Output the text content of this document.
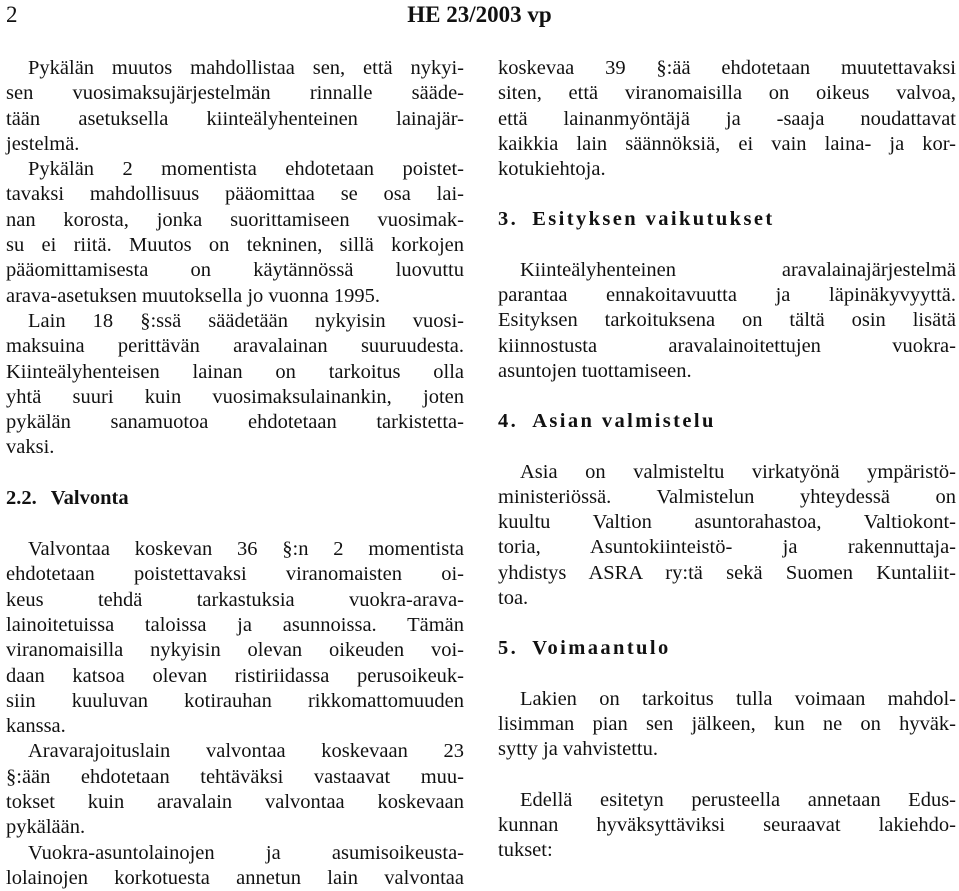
2	HE 23/2003 vp
Pykälän muutos mahdollistaa sen, että nykyi-
sen vuosimaksujärjestelmän rinnalle sääde-
tään asetuksella kiinteälyhenteinen lainajär-
jestelmä.
Pykälän 2 momentista ehdotetaan poistet-
tavaksi mahdollisuus pääomittaa se osa lai-
nan korosta, jonka suorittamiseen vuosimak-
su ei riitä. Muutos on tekninen, sillä korkojen
pääomittamisesta on käytännössä luovuttu
arava-asetuksen muutoksella jo vuonna 1995.
Lain 18 §:ssä säädetään nykyisin vuosi-
maksuina perittävän aravalainan suuruudesta.
Kiinteälyhenteisen lainan on tarkoitus olla
yhtä suuri kuin vuosimaksulainankin, joten
pykälän sanamuotoa ehdotetaan tarkistetta-
vaksi.
2.2. Valvonta
Valvontaa koskevan 36 §:n 2 momentista
ehdotetaan poistettavaksi viranomaisten oi-
keus tehdä tarkastuksia vuokra-arava-
lainoitetuissa taloissa ja asunnoissa. Tämän
viranomaisilla nykyisin olevan oikeuden voi-
daan katsoa olevan ristiriidassa perusoikeuk-
siin kuuluvan kotirauhan rikkomattomuuden
kanssa.
Aravarajoituslain valvontaa koskevaan 23
§:ään ehdotetaan tehtäväksi vastaavat muu-
tokset kuin aravalain valvontaa koskevaan
pykälään.
Vuokra-asuntolainojen ja asumisoikeusta-
lolainojen korkotuesta annetun lain valvontaa
koskevaa 39 §:ää ehdotetaan muutettavaksi
siten, että viranomaisilla on oikeus valvoa,
että lainanmyöntäjä ja -saaja noudattavat
kaikkia lain säännöksiä, ei vain laina- ja kor-
kotukiehtoja.
3. Esityksen vaikutukset
Kiinteälyhenteinen aravalainajärjestelmä
parantaa ennakoitavuutta ja läpinäkyvyyttä.
Esityksen tarkoituksena on tältä osin lisätä
kiinnostusta aravalainoitettujen vuokra-
asuntojen tuottamiseen.
4. Asian valmistelu
Asia on valmisteltu virkatyönä ympäristö-
ministeriössä. Valmistelun yhteydessä on
kuultu Valtion asuntorahastoa, Valtiokont-
toria, Asuntokiinteistö- ja rakennuttaja-
yhdistys ASRA ry:tä sekä Suomen Kuntaliit-
toa.
5. Voimaantulo
Lakien on tarkoitus tulla voimaan mahdol-
lisimman pian sen jälkeen, kun ne on hyväk-
sytty ja vahvistettu.
Edellä esitetyn perusteella annetaan Edus-
kunnan hyväksyttäviksi seuraavat lakiehdo-
tukset:
